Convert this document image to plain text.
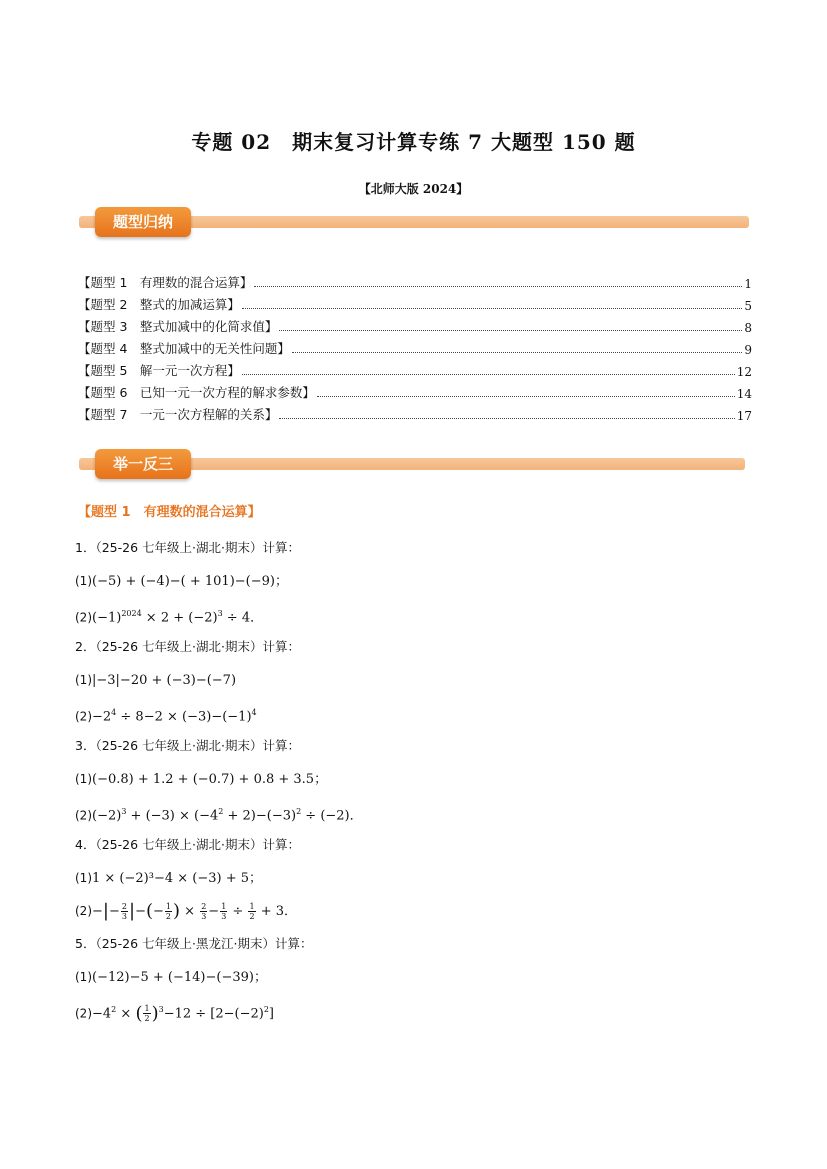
专题 02　期末复习计算专练 7 大题型 150 题
【北师大版 2024】
题型归纳
【题型 1　有理数的混合运算】	1
【题型 2　整式的加减运算】	5
【题型 3　整式加减中的化简求值】	8
【题型 4　整式加减中的无关性问题】	9
【题型 5　解一元一次方程】	12
【题型 6　已知一元一次方程的解求参数】	14
【题型 7　一元一次方程解的关系】	17
举一反三
【题型 1　有理数的混合运算】
1．（25-26 七年级上·湖北·期末）计算：
(1)(−5) + (−4)−( + 101)−(−9)；
$(2)(-1)^{2024} \times 2 + (-2)^3 \div 4$．
2．（25-26 七年级上·湖北·期末）计算：
(1)|−3|−20 + (−3)−(−7)
$(2)-2^4 \div 8-2 \times (-3)-(-1)^4$
3．（25-26 七年级上·湖北·期末）计算：
(1)(−0.8) + 1.2 + (−0.7) + 0.8 + 3.5；
$(2)(-2)^3 + (-3) \times (-4^2 + 2)-(-3)^2 \div (-2)$．
4．（25-26 七年级上·湖北·期末）计算：
(1)1 × (−2)³−4 × (−3) + 5；
$(2)-|- \frac{2}{3}$ |−(− $\frac{1}{2}$ ) × $\frac{2}{3} - \frac{1}{3} \div \frac{1}{2} + 3$．
5．（25-26 七年级上·黑龙江·期末）计算：
(1)(−12)−5 + (−14)−(−39)；
$(2)-4^2$ × ( $\frac{1}{2} )^3-12 \div [2-(-2)^2]$
